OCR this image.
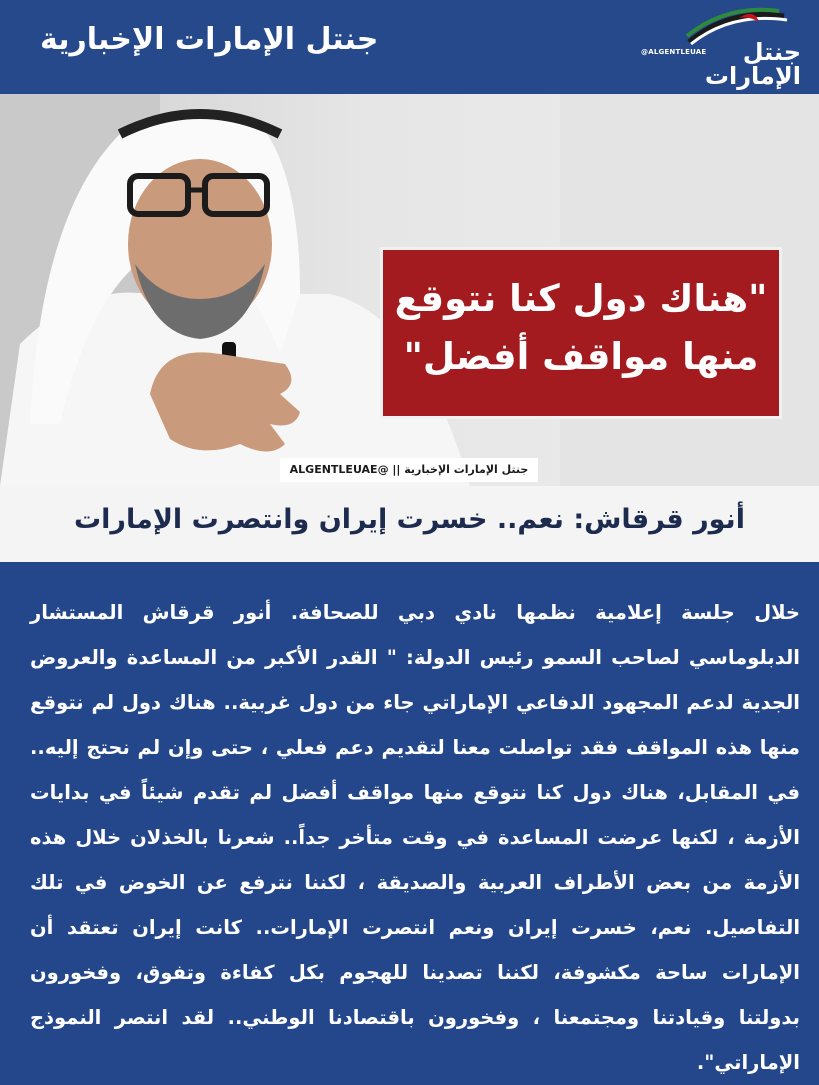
جنتل الإمارات الإخبارية	@ALGENTLEUAE	جنتل الإمارات
جنتل الإمارات الإخبارية || @ALGENTLEUAE
"هناك دول كنا نتوقع
منها مواقف أفضل"
أنور قرقاش: نعم.. خسرت إيران وانتصرت الإمارات
خلال جلسة إعلامية نظمها نادي دبي للصحافة. أنور قرقاش المستشار الدبلوماسي لصاحب السمو رئيس الدولة: " القدر الأكبر من المساعدة والعروض الجدية لدعم المجهود الدفاعي الإماراتي جاء من دول غربية.. هناك دول لم نتوقع منها هذه المواقف فقد تواصلت معنا لتقديم دعم فعلي ، حتى وإن لم نحتج إليه.. في المقابل، هناك دول كنا نتوقع منها مواقف أفضل لم تقدم شيئاً في بدايات الأزمة ، لكنها عرضت المساعدة في وقت متأخر جداً.. شعرنا بالخذلان خلال هذه الأزمة من بعض الأطراف العربية والصديقة ، لكننا نترفع عن الخوض في تلك التفاصيل. نعم، خسرت إيران ونعم انتصرت الإمارات.. كانت إيران تعتقد أن الإمارات ساحة مكشوفة، لكننا تصدينا للهجوم بكل كفاءة وتفوق، وفخورون بدولتنا وقيادتنا ومجتمعنا ، وفخورون باقتصادنا الوطني.. لقد انتصر النموذج الإماراتي".
